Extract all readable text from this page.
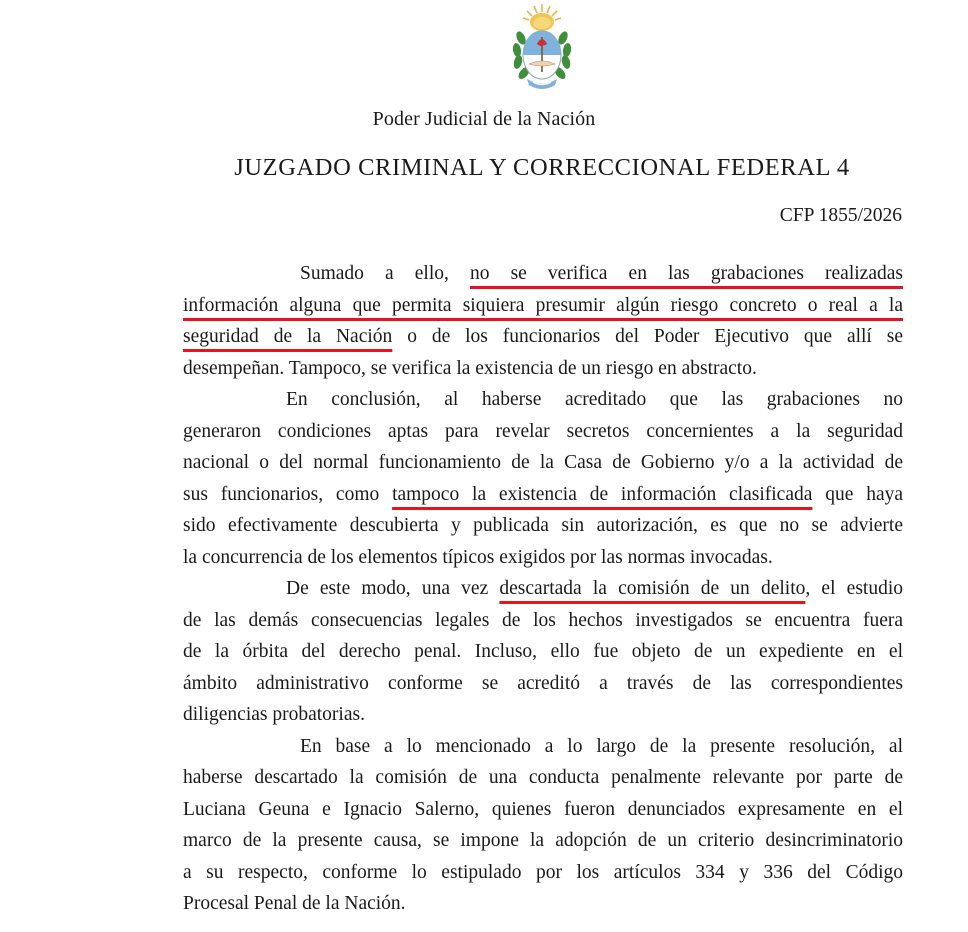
Poder Judicial de la Nación
JUZGADO CRIMINAL Y CORRECCIONAL FEDERAL 4
CFP 1855/2026
Sumado a ello, no se verifica en las grabaciones realizadas
información alguna que permita siquiera presumir algún riesgo concreto o real a la
seguridad de la Nación o de los funcionarios del Poder Ejecutivo que allí se
desempeñan. Tampoco, se verifica la existencia de un riesgo en abstracto.
En conclusión, al haberse acreditado que las grabaciones no
generaron condiciones aptas para revelar secretos concernientes a la seguridad
nacional o del normal funcionamiento de la Casa de Gobierno y/o a la actividad de
sus funcionarios, como tampoco la existencia de información clasificada que haya
sido efectivamente descubierta y publicada sin autorización, es que no se advierte
la concurrencia de los elementos típicos exigidos por las normas invocadas.
De este modo, una vez descartada la comisión de un delito, el estudio
de las demás consecuencias legales de los hechos investigados se encuentra fuera
de la órbita del derecho penal. Incluso, ello fue objeto de un expediente en el
ámbito administrativo conforme se acreditó a través de las correspondientes
diligencias probatorias.
En base a lo mencionado a lo largo de la presente resolución, al
haberse descartado la comisión de una conducta penalmente relevante por parte de
Luciana Geuna e Ignacio Salerno, quienes fueron denunciados expresamente en el
marco de la presente causa, se impone la adopción de un criterio desincriminatorio
a su respecto, conforme lo estipulado por los artículos 334 y 336 del Código
Procesal Penal de la Nación.
